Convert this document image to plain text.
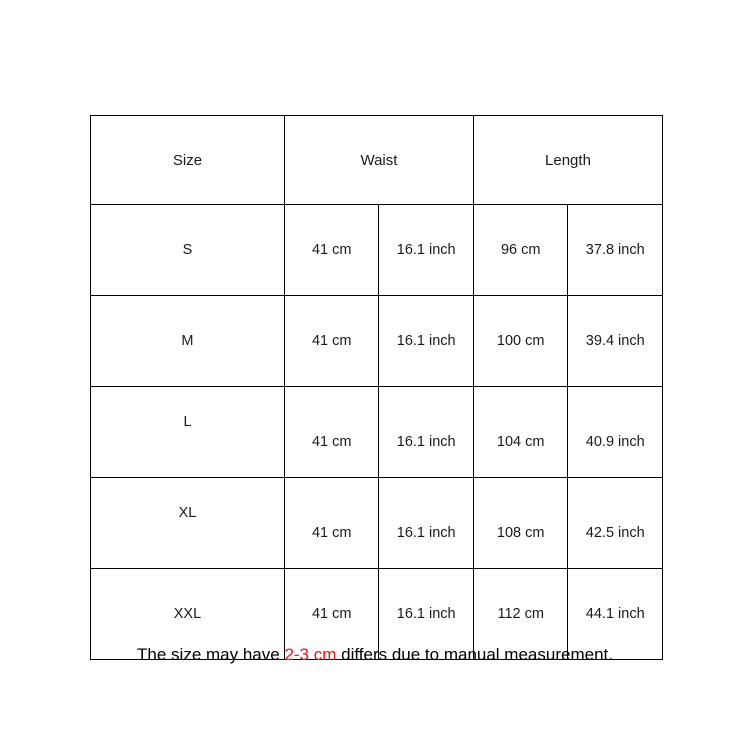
Size	Waist		Length	
S	41 cm	16.1 inch	96 cm	37.8 inch
M	41 cm	16.1 inch	100 cm	39.4 inch
L	41 cm	16.1 inch	104 cm	40.9 inch
XL	41 cm	16.1 inch	108 cm	42.5 inch
XXL	41 cm	16.1 inch	112 cm	44.1 inch
The size may have 2-3 cm differs due to manual measurement.
